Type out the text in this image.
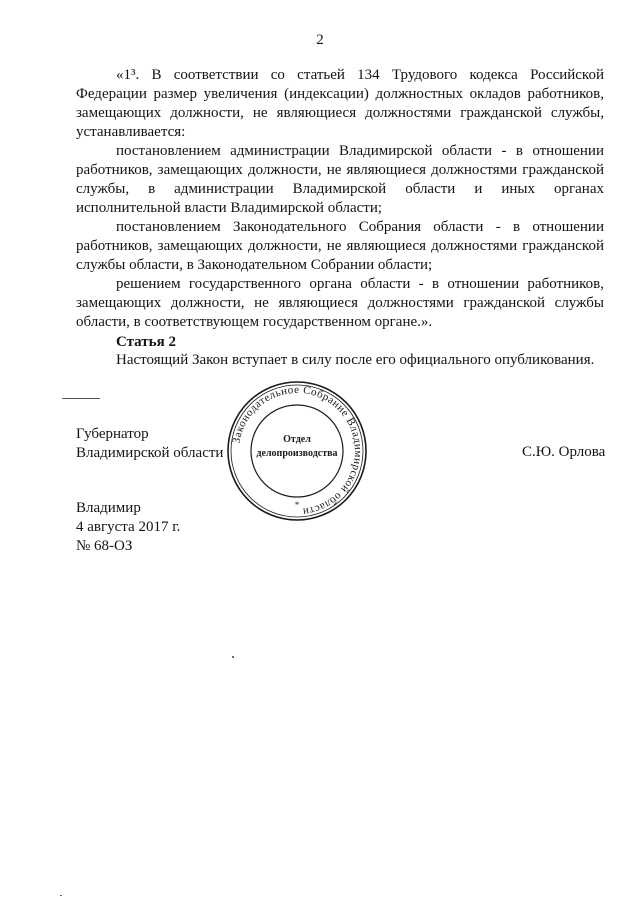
2

«1³. В соответствии со статьей 134 Трудового кодекса Российской Федерации размер увеличения (индексации) должностных окладов работников, замещающих должности, не являющиеся должностями гражданской службы, устанавливается:

постановлением администрации Владимирской области - в отношении работников, замещающих должности, не являющиеся должностями гражданской службы, в администрации Владимирской области и иных органах исполнительной власти Владимирской области;

постановлением Законодательного Собрания области - в отношении работников, замещающих должности, не являющиеся должностями гражданской службы области, в Законодательном Собрании области;

решением государственного органа области - в отношении работников, замещающих должности, не являющиеся должностями гражданской службы области, в соответствующем государственном органе.».

Статья 2
Настоящий Закон вступает в силу после его официального опубликования.
Губернатор
Владимирской области	С.Ю. Орлова
Законодательное Собрание Владимирской области
Отдел
делопроизводства
*
Владимир
4 августа 2017 г.
№ 68-ОЗ
